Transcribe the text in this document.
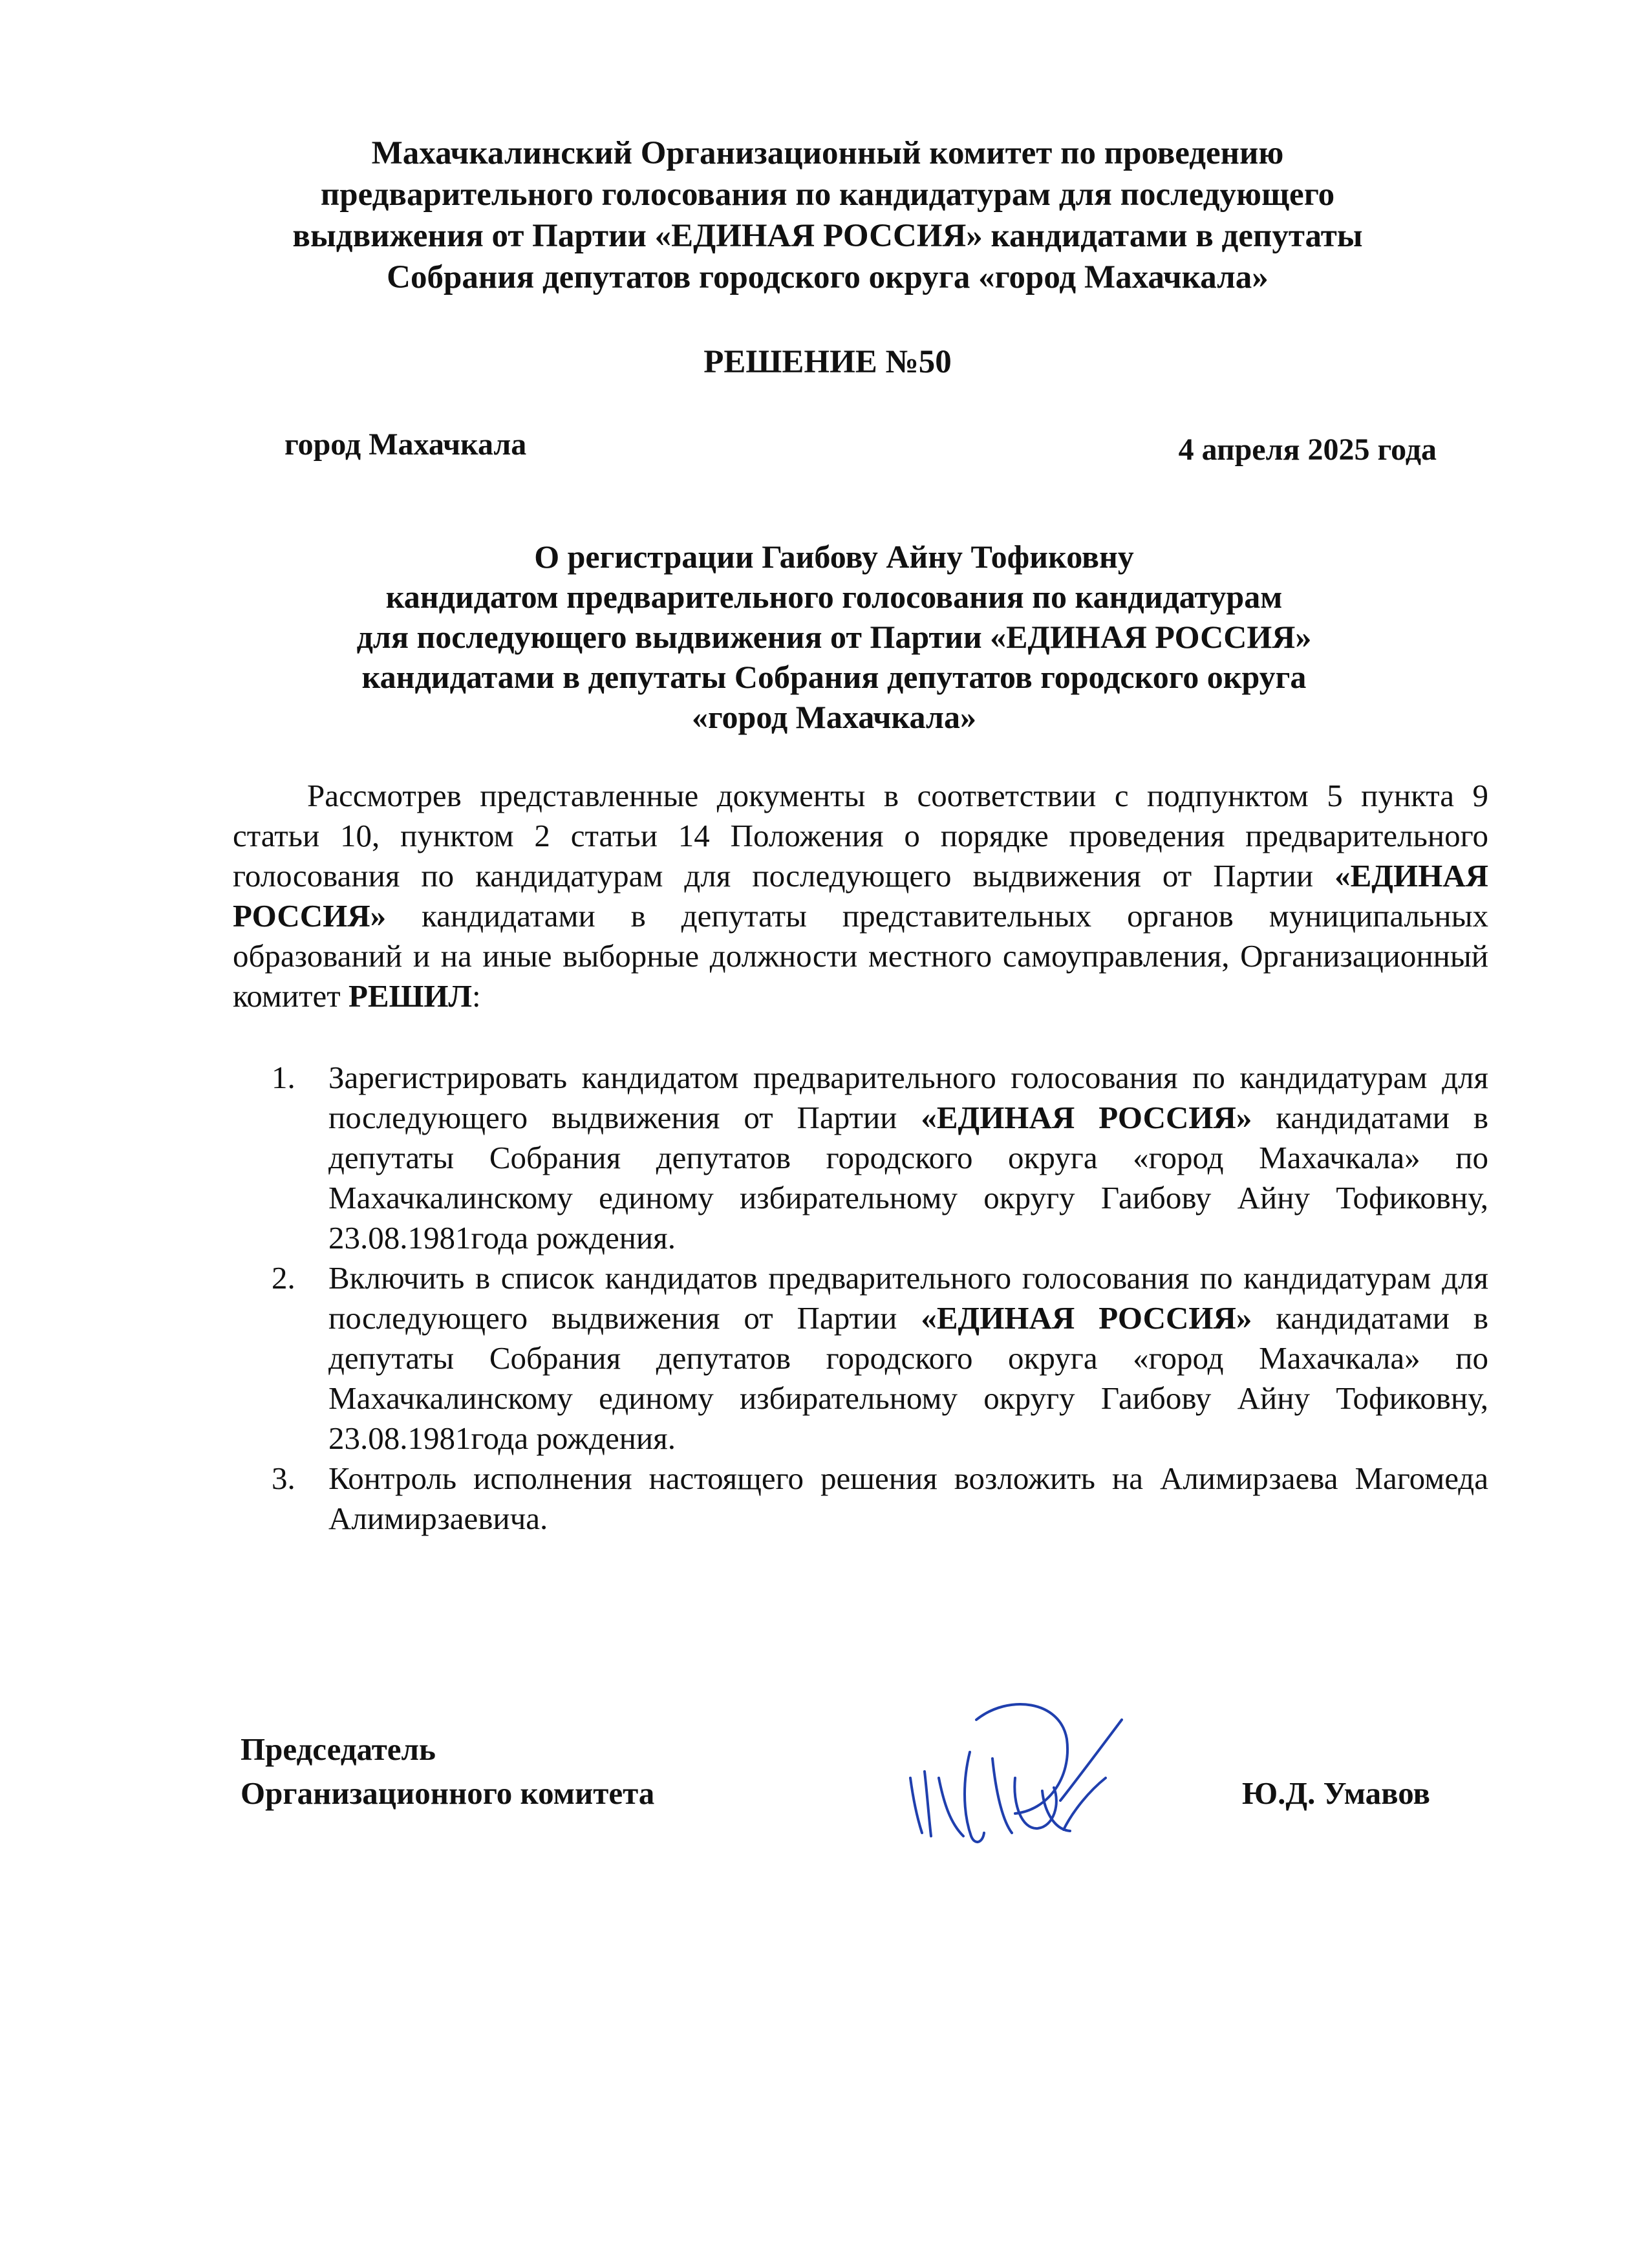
Махачкалинский Организационный комитет по проведению
предварительного голосования по кандидатурам для последующего
выдвижения от Партии «ЕДИНАЯ РОССИЯ» кандидатами в депутаты
Собрания депутатов городского округа «город Махачкала»
РЕШЕНИЕ №50
город Махачкала	4 апреля 2025 года
О регистрации Гаибову Айну Тофиковну
кандидатом предварительного голосования по кандидатурам
для последующего выдвижения от Партии «ЕДИНАЯ РОССИЯ»
кандидатами в депутаты Собрания депутатов городского округа
«город Махачкала»

Рассмотрев представленные документы в соответствии с подпунктом 5 пункта 9 статьи 10, пунктом 2 статьи 14 Положения о порядке проведения предварительного голосования по кандидатурам для последующего выдвижения от Партии «ЕДИНАЯ РОССИЯ» кандидатами в депутаты представительных органов муниципальных образований и на иные выборные должности местного самоуправления, Организационный комитет РЕШИЛ:

1. Зарегистрировать кандидатом предварительного голосования по кандидатурам для последующего выдвижения от Партии «ЕДИНАЯ РОССИЯ» кандидатами в депутаты Собрания депутатов городского округа «город Махачкала» по Махачкалинскому единому избирательному округу Гаибову Айну Тофиковну, 23.08.1981года рождения.
2. Включить в список кандидатов предварительного голосования по кандидатурам для последующего выдвижения от Партии «ЕДИНАЯ РОССИЯ» кандидатами в депутаты Собрания депутатов городского округа «город Махачкала» по Махачкалинскому единому избирательному округу Гаибову Айну Тофиковну, 23.08.1981года рождения.
3. Контроль исполнения настоящего решения возложить на Алимирзаева Магомеда Алимирзаевича.
Председатель
Организационного комитета	Ю.Д. Умавов
